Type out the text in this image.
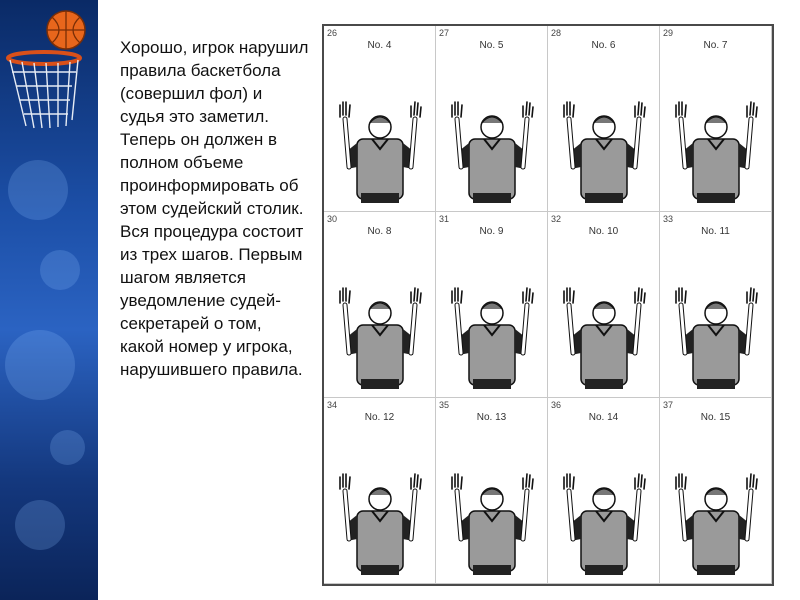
Хорошо, игрок нарушил правила баскетбола (совершил фол) и судья это заметил. Теперь он должен в полном объеме проинформировать об этом судейский столик. Вся процедура состоит из трех шагов. Первым шагом является уведомление судей-секретарей о том, какой номер у игрока, нарушившего правила.

26
No. 4
27
No. 5
28
No. 6
29
No. 7
30
No. 8
31
No. 9
32
No. 10
33
No. 11
34
No. 12
35
No. 13
36
No. 14
37
No. 15
